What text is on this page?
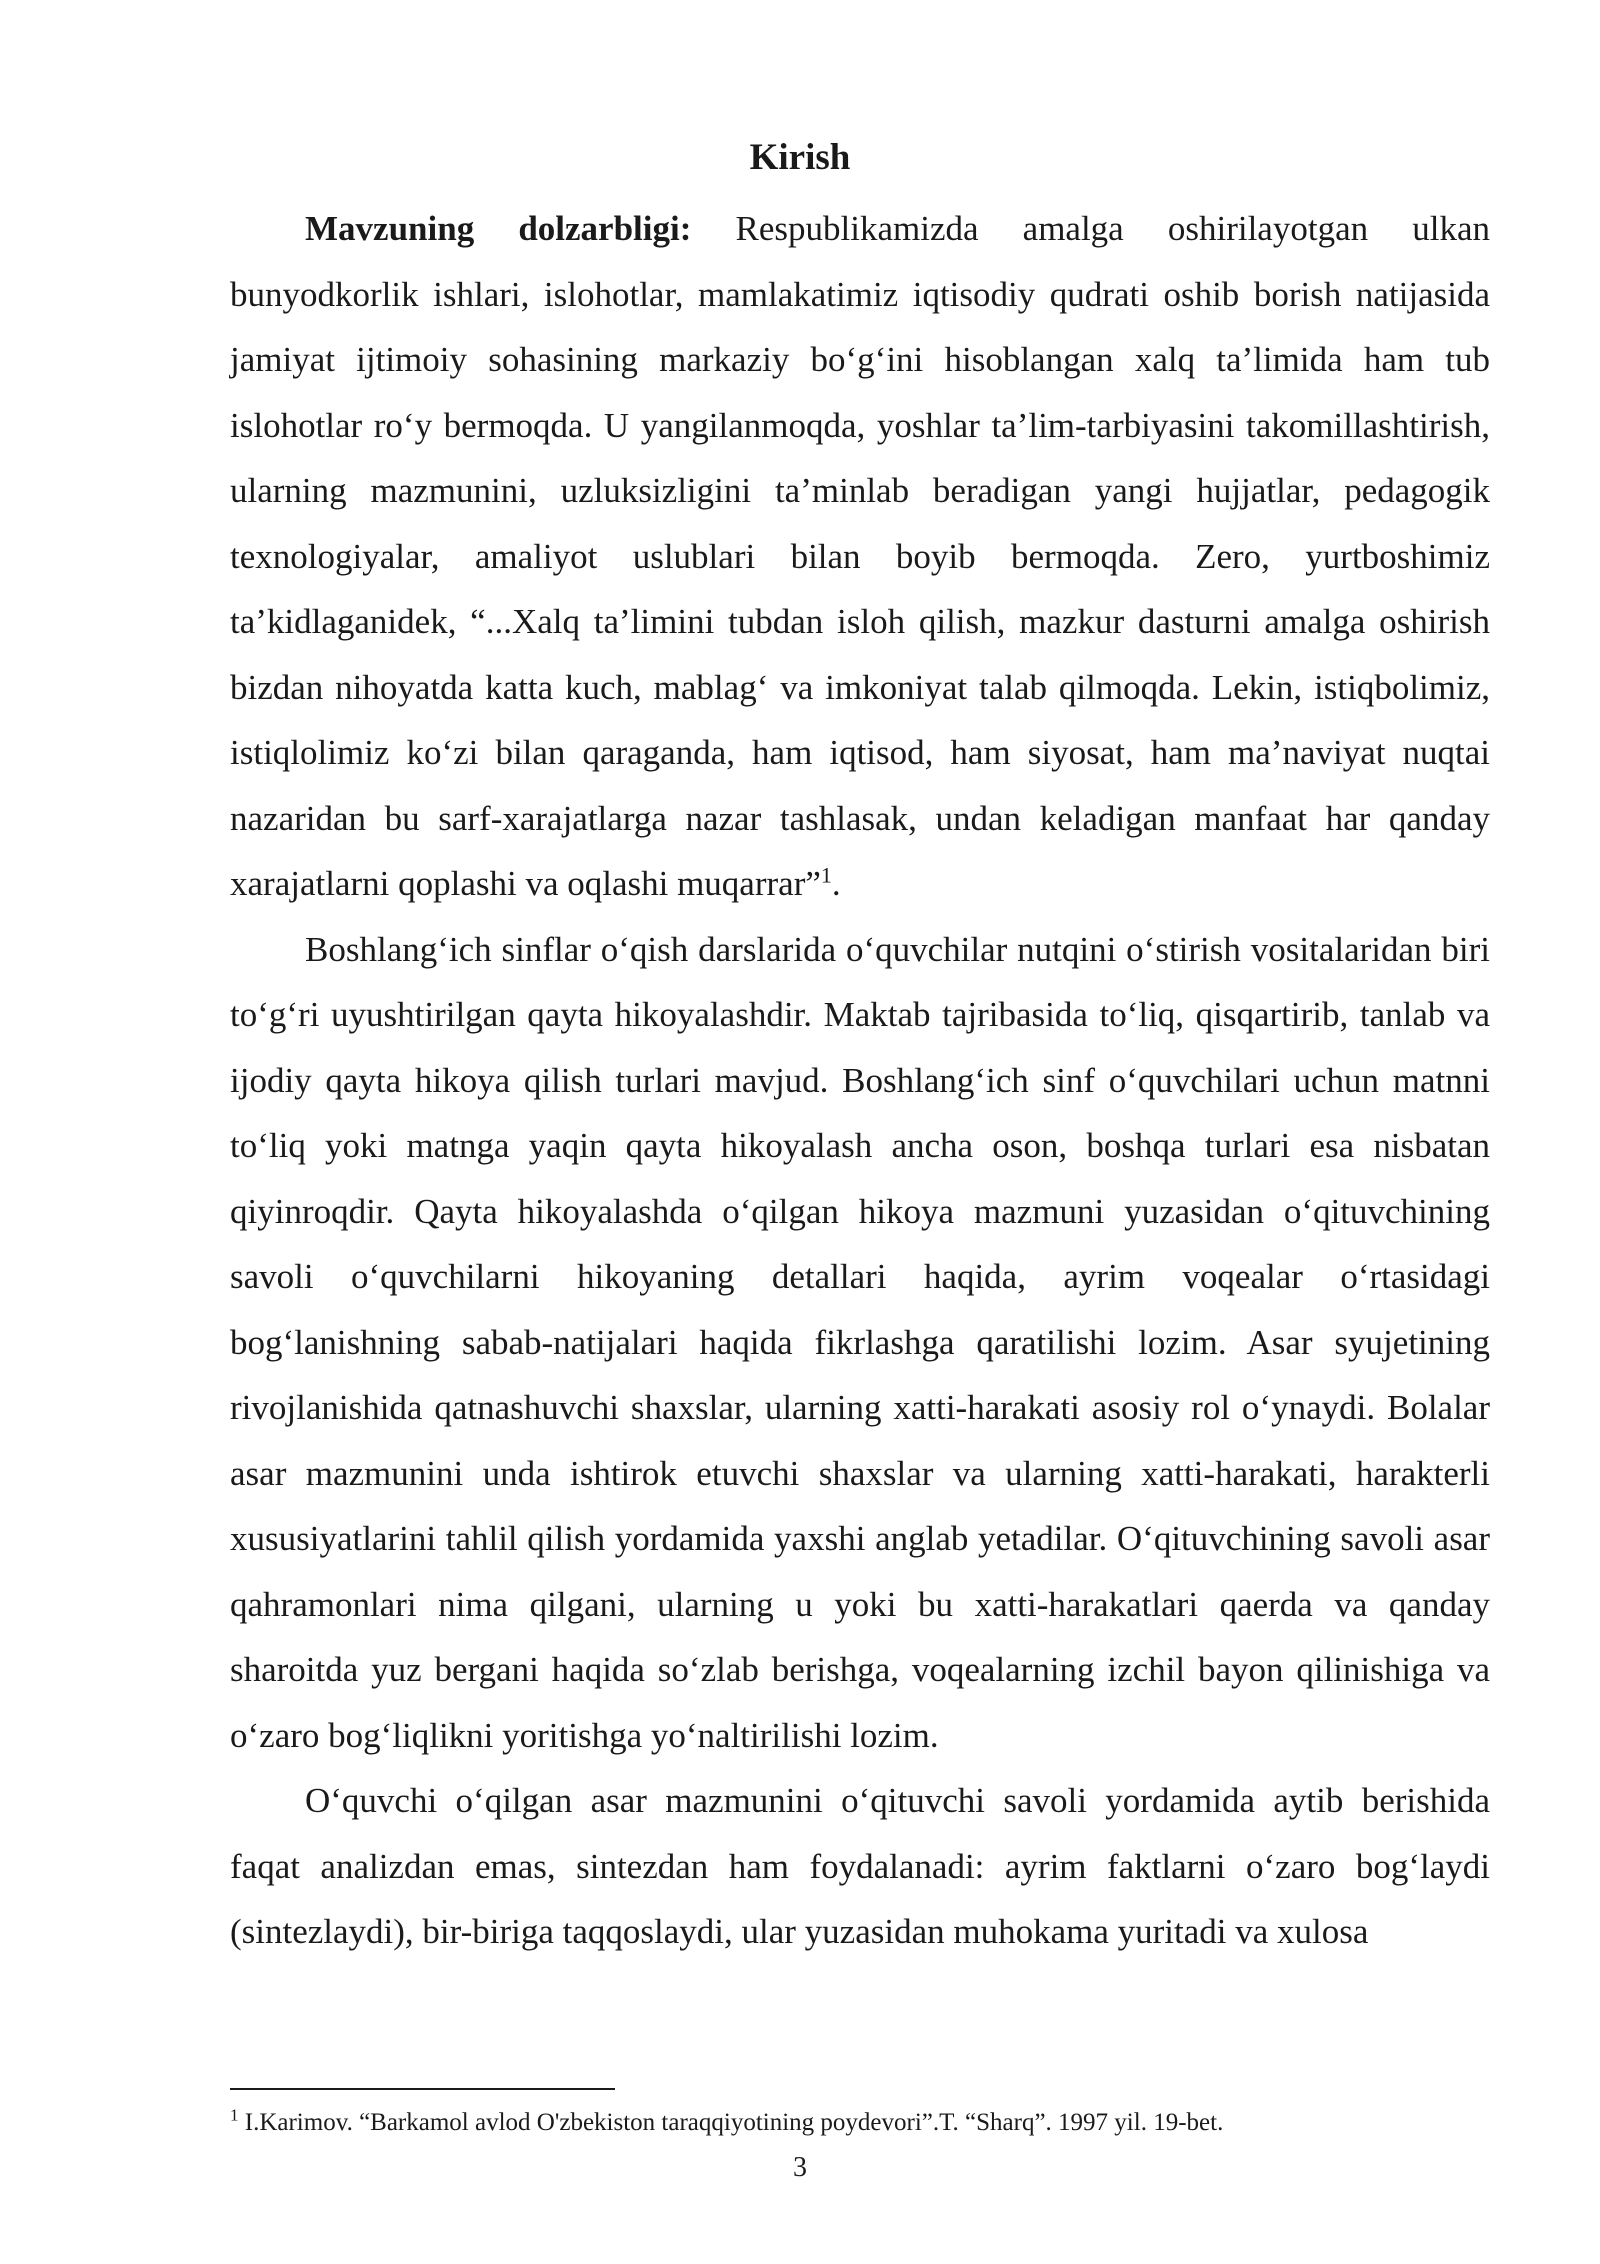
Kirish

Mavzuning dolzarbligi: Respublikamizda amalga oshirilayotgan ulkan bunyodkorlik ishlari, islohotlar, mamlakatimiz iqtisodiy qudrati oshib borish natijasida jamiyat ijtimoiy sohasining markaziy bo‘g‘ini hisoblangan xalq ta’limida ham tub islohotlar ro‘y bermoqda. U yangilanmoqda, yoshlar ta’lim-tarbiyasini takomillashtirish, ularning mazmunini, uzluksizligini ta’minlab beradigan yangi hujjatlar, pedagogik texnologiyalar, amaliyot uslublari bilan boyib bermoqda. Zero, yurtboshimiz ta’kidlaganidek, “...Xalq ta’limini tubdan isloh qilish, mazkur dasturni amalga oshirish bizdan nihoyatda katta kuch, mablag‘ va imkoniyat talab qilmoqda. Lekin, istiqbolimiz, istiqlolimiz ko‘zi bilan qaraganda, ham iqtisod, ham siyosat, ham ma’naviyat nuqtai nazaridan bu sarf-xarajatlarga nazar tashlasak, undan keladigan manfaat har qanday xarajatlarni qoplashi va oqlashi muqarrar”$^1$.

Boshlang‘ich sinflar o‘qish darslarida o‘quvchilar nutqini o‘stirish vositalaridan biri to‘g‘ri uyushtirilgan qayta hikoyalashdir. Maktab tajribasida to‘liq, qisqartirib, tanlab va ijodiy qayta hikoya qilish turlari mavjud. Boshlang‘ich sinf o‘quvchilari uchun matnni to‘liq yoki matnga yaqin qayta hikoyalash ancha oson, boshqa turlari esa nisbatan qiyinroqdir. Qayta hikoyalashda o‘qilgan hikoya mazmuni yuzasidan o‘qituvchining savoli o‘quvchilarni hikoyaning detallari haqida, ayrim voqealar o‘rtasidagi bog‘lanishning sabab-natijalari haqida fikrlashga qaratilishi lozim. Asar syujetining rivojlanishida qatnashuvchi shaxslar, ularning xatti-harakati asosiy rol o‘ynaydi. Bolalar asar mazmunini unda ishtirok etuvchi shaxslar va ularning xatti-harakati, harakterli xususiyatlarini tahlil qilish yordamida yaxshi anglab yetadilar. O‘qituvchining savoli asar qahramonlari nima qilgani, ularning u yoki bu xatti-harakatlari qaerda va qanday sharoitda yuz bergani haqida so‘zlab berishga, voqealarning izchil bayon qilinishiga va o‘zaro bog‘liqlikni yoritishga yo‘naltirilishi lozim.

O‘quvchi o‘qilgan asar mazmunini o‘qituvchi savoli yordamida aytib berishida faqat analizdan emas, sintezdan ham foydalanadi: ayrim faktlarni o‘zaro bog‘laydi (sintezlaydi), bir-biriga taqqoslaydi, ular yuzasidan muhokama yuritadi va xulosa

$^1$ I.Karimov. “Barkamol avlod O'zbekiston taraqqiyotining poydevori”.T. “Sharq”. 1997 yil. 19-bet.

3
